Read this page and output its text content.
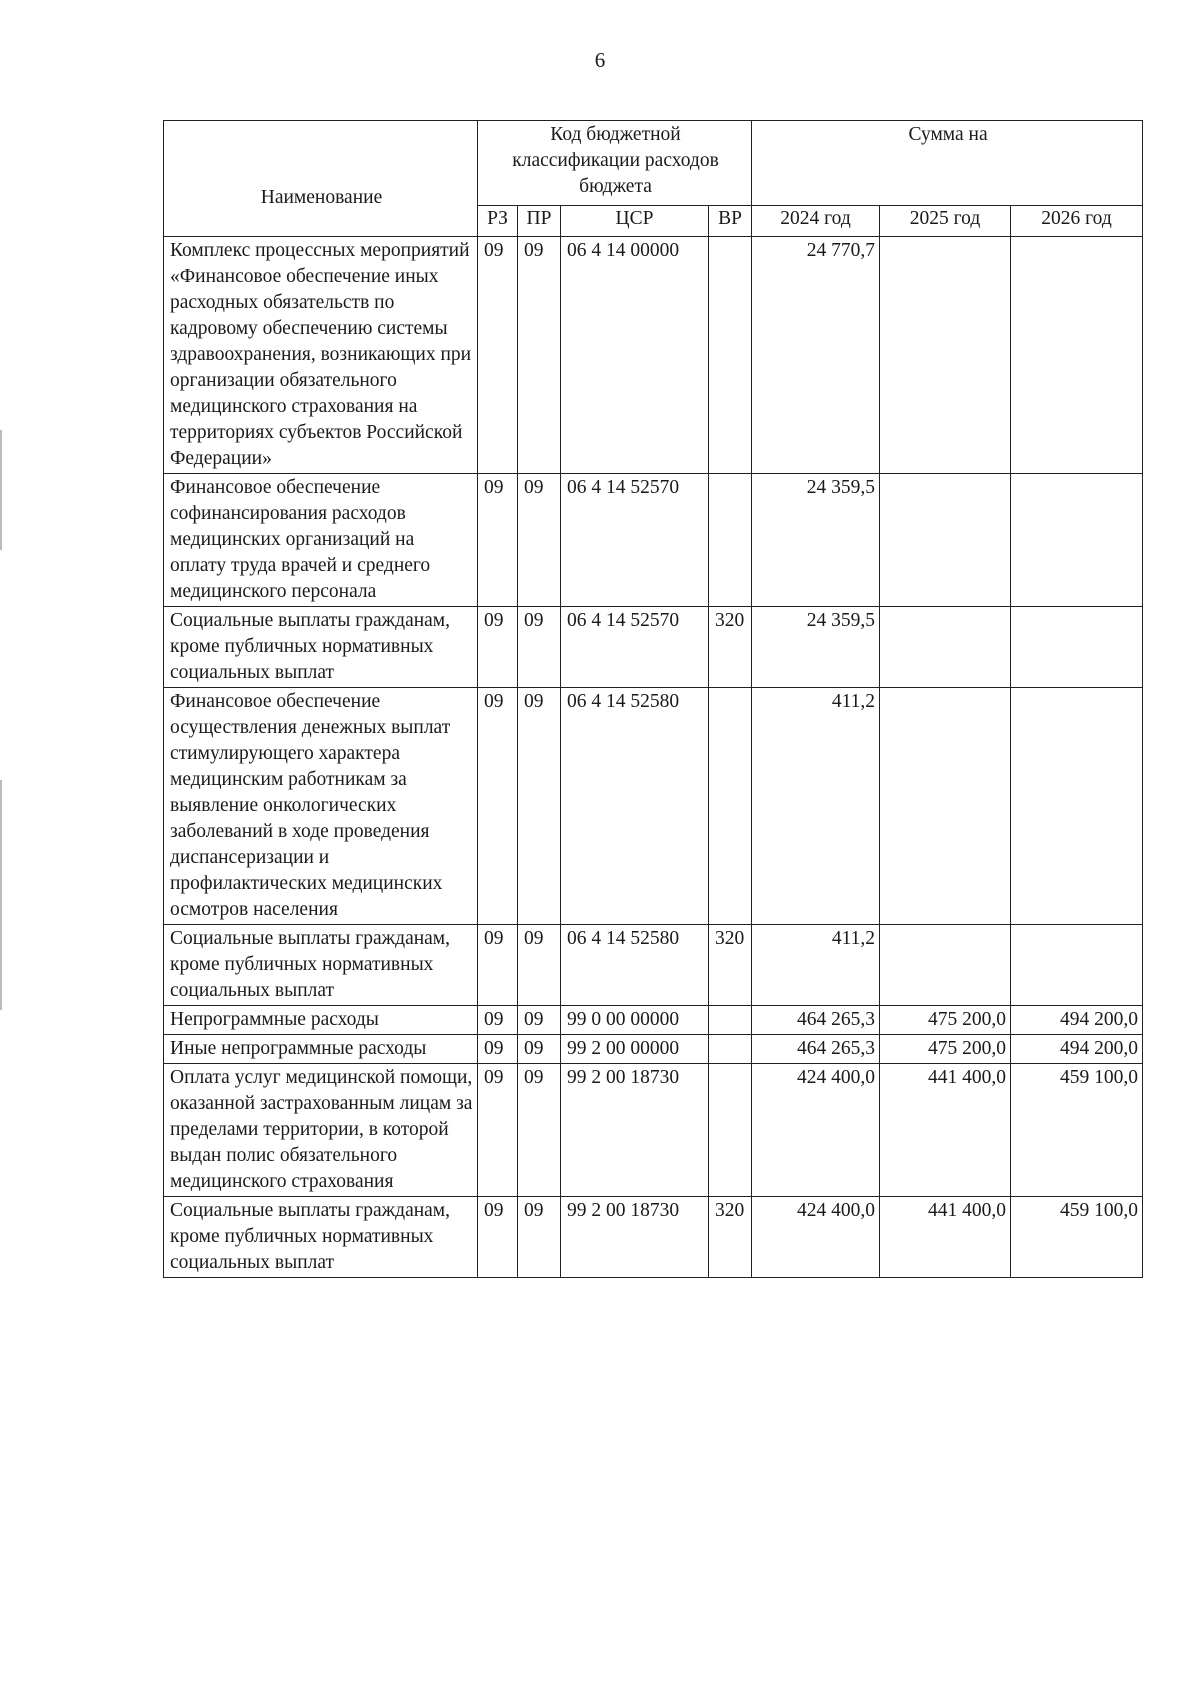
6
Наименование	Код бюджетной классификации расходов бюджета				Сумма на		
	РЗ	ПР	ЦСР	ВР	2024 год	2025 год	2026 год
Комплекс процессных мероприятий «Финансовое обеспечение иных расходных обязательств по кадровому обеспечению системы здравоохранения, возникающих при организации обязательного медицинского страхования на территориях субъектов Российской Федерации»	09	09	06 4 14 00000		24 770,7		
Финансовое обеспечение софинансирования расходов медицинских организаций на оплату труда врачей и среднего медицинского персонала	09	09	06 4 14 52570		24 359,5		
Социальные выплаты гражданам, кроме публичных нормативных социальных выплат	09	09	06 4 14 52570	320	24 359,5		
Финансовое обеспечение осуществления денежных выплат стимулирующего характера медицинским работникам за выявление онкологических заболеваний в ходе проведения диспансеризации и профилактических медицинских осмотров населения	09	09	06 4 14 52580		411,2		
Социальные выплаты гражданам, кроме публичных нормативных социальных выплат	09	09	06 4 14 52580	320	411,2		
Непрограммные расходы	09	09	99 0 00 00000		464 265,3	475 200,0	494 200,0
Иные непрограммные расходы	09	09	99 2 00 00000		464 265,3	475 200,0	494 200,0
Оплата услуг медицинской помощи, оказанной застрахованным лицам за пределами территории, в которой выдан полис обязательного медицинского страхования	09	09	99 2 00 18730		424 400,0	441 400,0	459 100,0
Социальные выплаты гражданам, кроме публичных нормативных социальных выплат	09	09	99 2 00 18730	320	424 400,0	441 400,0	459 100,0
